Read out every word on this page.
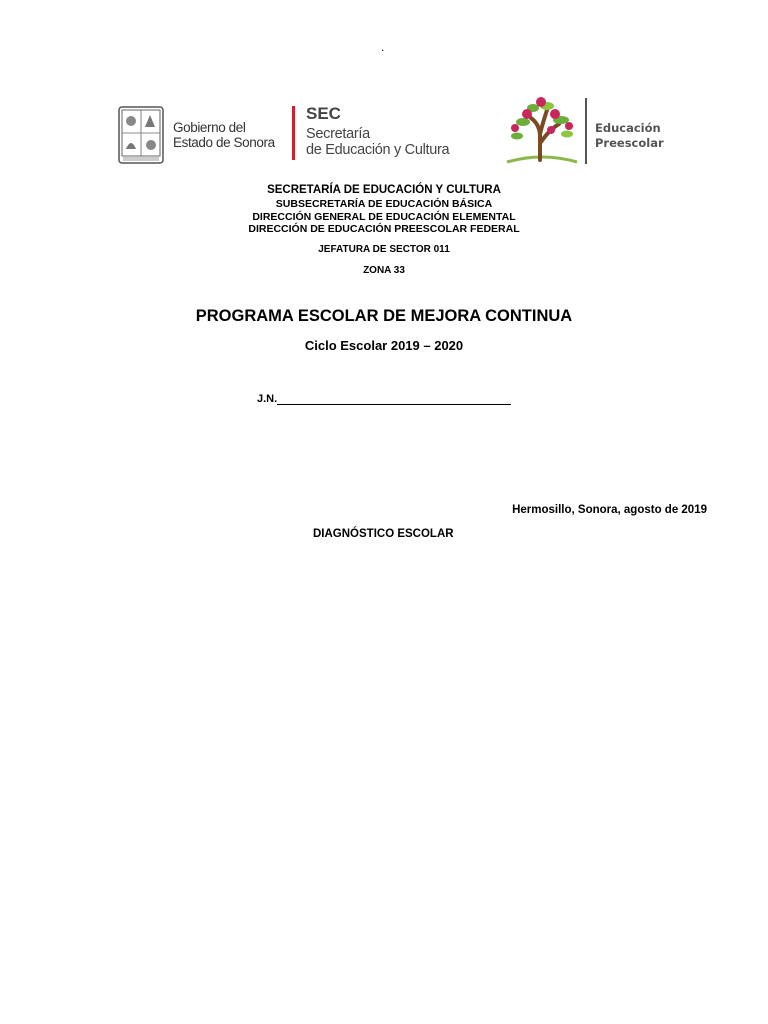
.
Gobierno del
Estado de Sonora
SEC
Secretaría
de Educación y Cultura
Educación
Preescolar
SECRETARÍA DE EDUCACIÓN Y CULTURA
SUBSECRETARÍA DE EDUCACIÓN BÁSICA
DIRECCIÓN GENERAL DE EDUCACIÓN ELEMENTAL
DIRECCIÓN DE EDUCACIÓN PREESCOLAR FEDERAL
JEFATURA DE SECTOR 011
ZONA 33
PROGRAMA ESCOLAR DE MEJORA CONTINUA
Ciclo Escolar 2019 – 2020
J.N.
Hermosillo, Sonora, agosto de 2019
DIAGNÓSTICO ESCOLAR
